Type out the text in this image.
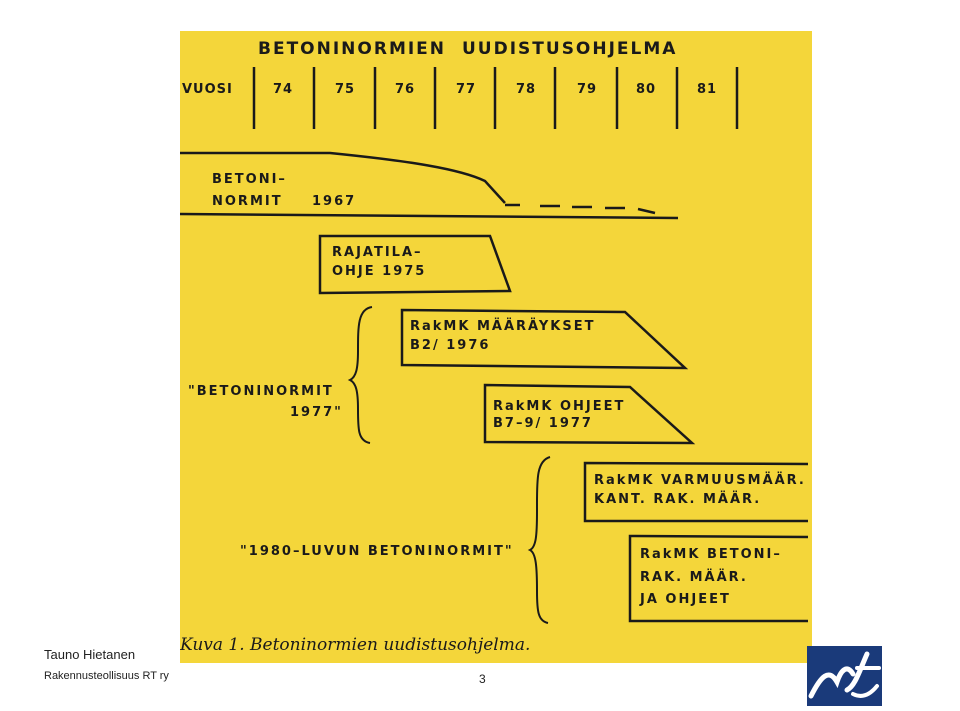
BETONINORMIEN UUDISTUSOHJELMA
VUOSI	74	75	76	77	78	79	80	81
BETONI–
NORMIT 1967
RAJATILA–
OHJE 1975
"BETONINORMIT
1977"
RakMK MÄÄRÄYKSET
B2/ 1976
RakMK OHJEET
B7–9/ 1977
"1980–LUVUN BETONINORMIT"
RakMK VARMUUSMÄÄR.
KANT. RAK. MÄÄR.
RakMK BETONI–
RAK. MÄÄR.
JA OHJEET
Kuva 1. Betoninormien uudistusohjelma.
Tauno Hietanen
Rakennusteollisuus RT ry	3
